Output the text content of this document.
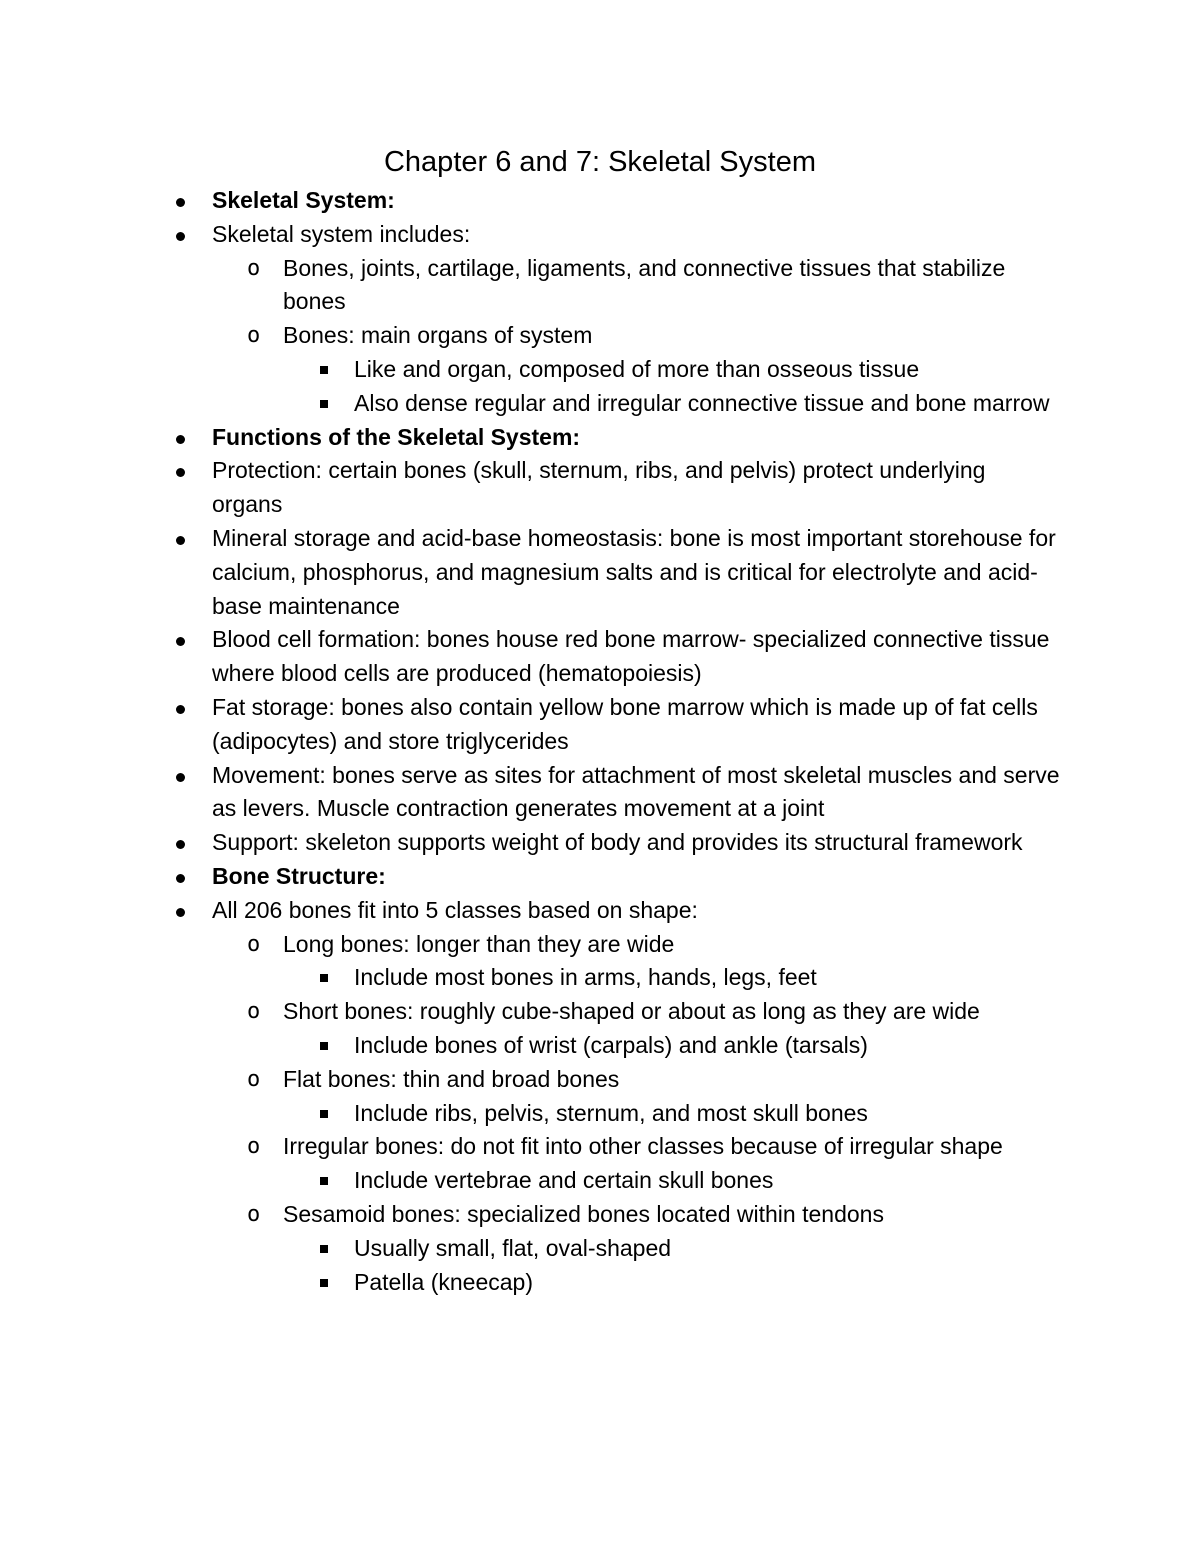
Chapter 6 and 7: Skeletal System
Skeletal System:
Skeletal system includes:
o Bones, joints, cartilage, ligaments, and connective tissues that stabilize bones
o Bones: main organs of system
Like and organ, composed of more than osseous tissue
Also dense regular and irregular connective tissue and bone marrow
Functions of the Skeletal System:
Protection: certain bones (skull, sternum, ribs, and pelvis) protect underlying organs
Mineral storage and acid-base homeostasis: bone is most important storehouse for calcium, phosphorus, and magnesium salts and is critical for electrolyte and acid-base maintenance
Blood cell formation: bones house red bone marrow- specialized connective tissue where blood cells are produced (hematopoiesis)
Fat storage: bones also contain yellow bone marrow which is made up of fat cells (adipocytes) and store triglycerides
Movement: bones serve as sites for attachment of most skeletal muscles and serve as levers. Muscle contraction generates movement at a joint
Support: skeleton supports weight of body and provides its structural framework
Bone Structure:
All 206 bones fit into 5 classes based on shape:
o Long bones: longer than they are wide
Include most bones in arms, hands, legs, feet
o Short bones: roughly cube-shaped or about as long as they are wide
Include bones of wrist (carpals) and ankle (tarsals)
o Flat bones: thin and broad bones
Include ribs, pelvis, sternum, and most skull bones
o Irregular bones: do not fit into other classes because of irregular shape
Include vertebrae and certain skull bones
o Sesamoid bones: specialized bones located within tendons
Usually small, flat, oval-shaped
Patella (kneecap)
